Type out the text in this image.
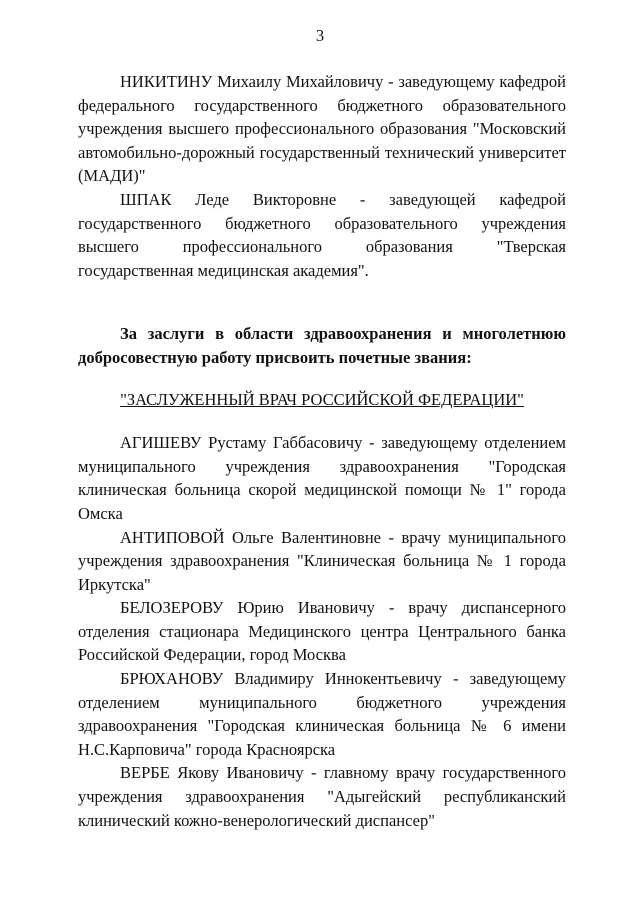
3

НИКИТИНУ Михаилу Михайловичу - заведующему кафедрой федерального государственного бюджетного образовательного учреждения высшего профессионального образования "Московский автомобильно-дорожный государственный технический университет (МАДИ)"

ШПАК Леде Викторовне - заведующей кафедрой государственного бюджетного образовательного учреждения высшего профессионального образования "Тверская государственная медицинская академия".

За заслуги в области здравоохранения и многолетнюю добросовестную работу присвоить почетные звания:

"ЗАСЛУЖЕННЫЙ ВРАЧ РОССИЙСКОЙ ФЕДЕРАЦИИ"

АГИШЕВУ Рустаму Габбасовичу - заведующему отделением муниципального учреждения здравоохранения "Городская клиническая больница скорой медицинской помощи № 1" города Омска

АНТИПОВОЙ Ольге Валентиновне - врачу муниципального учреждения здравоохранения "Клиническая больница № 1 города Иркутска"

БЕЛОЗЕРОВУ Юрию Ивановичу - врачу диспансерного отделения стационара Медицинского центра Центрального банка Российской Федерации, город Москва

БРЮХАНОВУ Владимиру Иннокентьевичу - заведующему отделением муниципального бюджетного учреждения здравоохранения "Городская клиническая больница № 6 имени Н.С.Карповича" города Красноярска

ВЕРБЕ Якову Ивановичу - главному врачу государственного учреждения здравоохранения "Адыгейский республиканский клинический кожно-венерологический диспансер"
